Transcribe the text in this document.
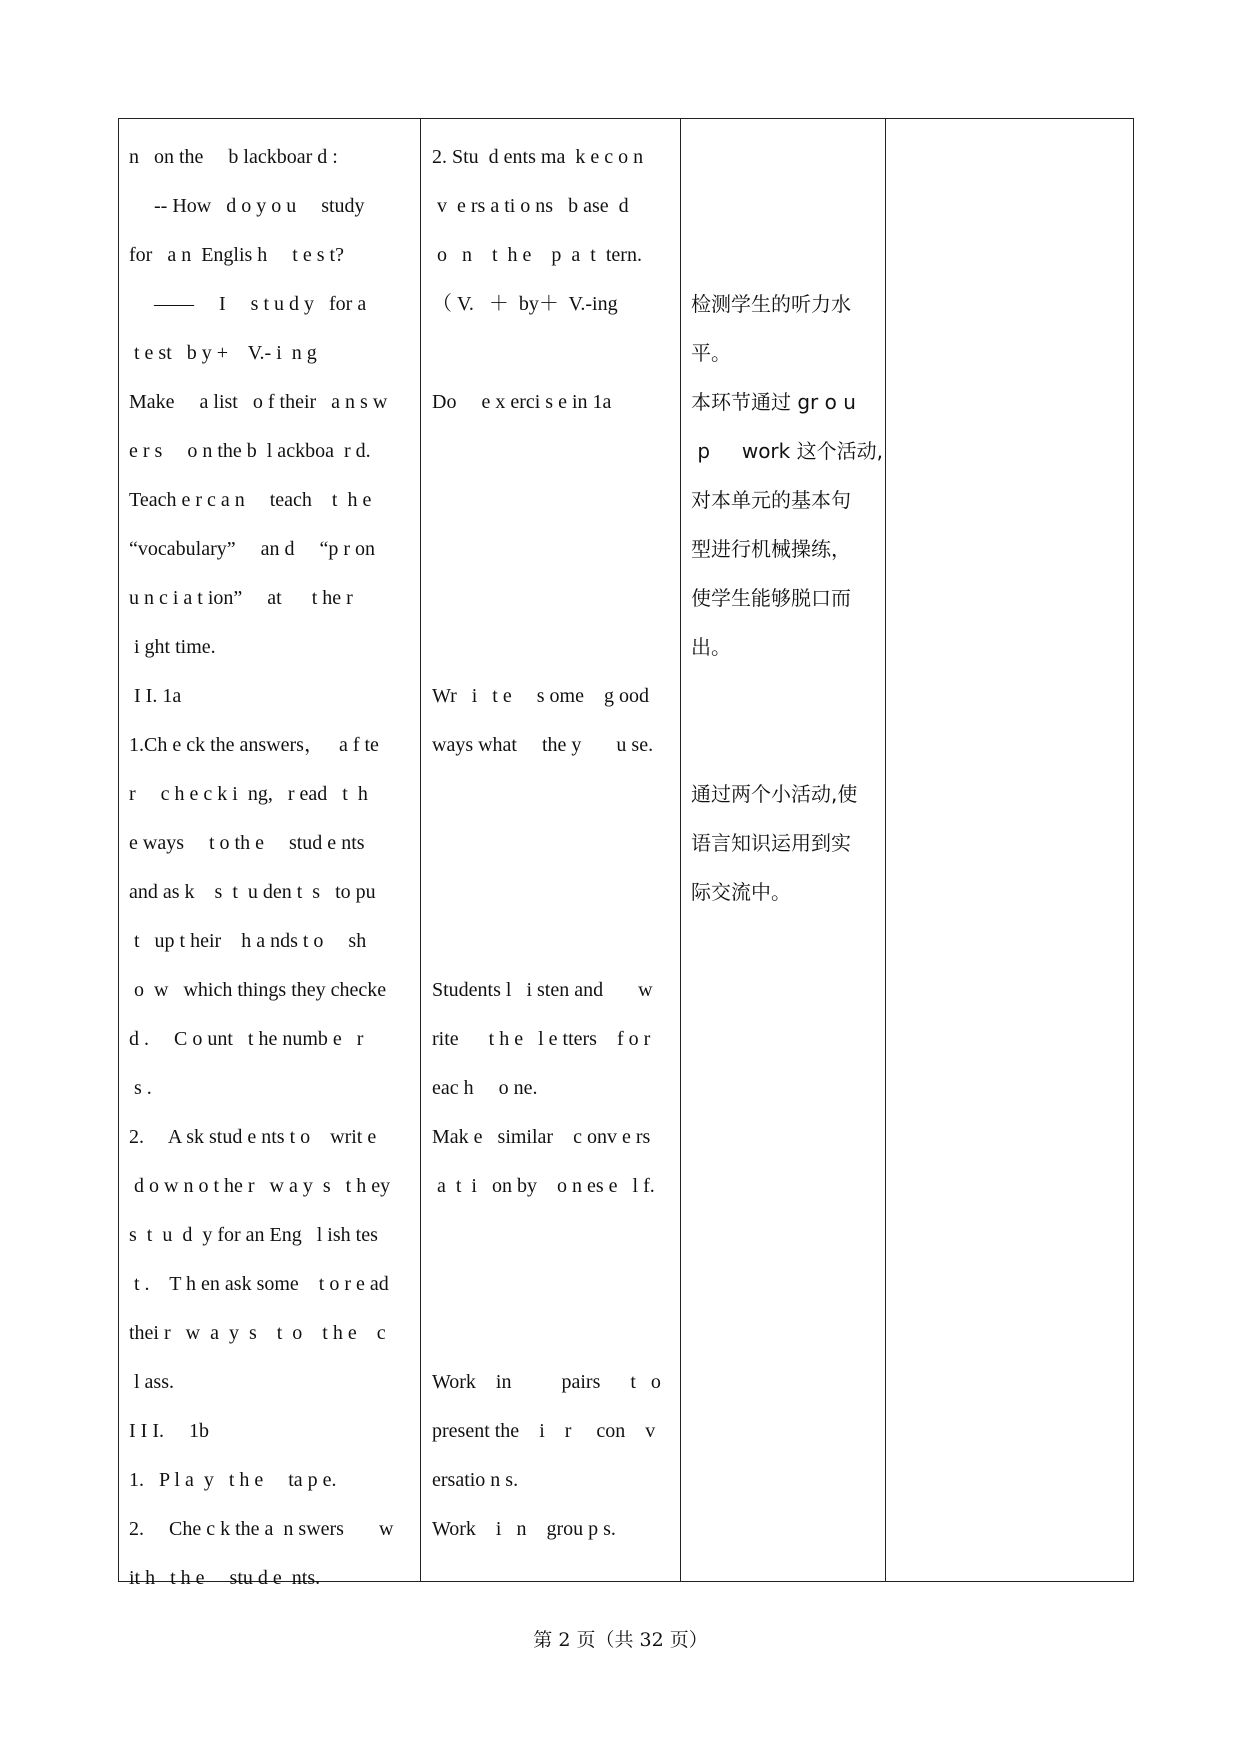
n   on the     b lackboar d :
-- How   d o y o u     study
for   a n  Englis h     t e s t?
——     I     s t u d y   for a
t e st   b y +    V.- i  n g
Make     a list   o f their   a n s w
e r s     o n the b  l ackboa  r d.
Teach e r c a n     teach    t  h e
“vocabulary”     an d     “p r on
u n c i a t ion”     at      t he r
i ght time.
I I. 1a
1.Ch e ck the answers，   a f te
r     c h e c k i  ng,   r ead   t  h
e ways     t o th e     stud e nts
and as k    s  t  u den t  s   to pu
t   up t heir    h a nds t o     sh
o  w   which things they checke
d .     C o unt   t he numb e   r
s .
2.     A sk stud e nts t o    writ e
d o w n o t he r   w a y  s   t h ey
s  t  u  d  y for an Eng   l ish tes
t .    T h en ask some    t o r e ad
thei r   w  a  y  s    t  o    t h e    c
l ass.
I I I.     1b
1.   P l a  y   t h e     ta p e.
2.     Che c k the a  n swers       w
it h   t h e     stu d e  nts.
2. Stu  d ents ma  k e c o n
v  e rs a ti o ns   b ase  d
o   n    t  h e    p  a  t  tern.
（ V.   ＋  by＋  V.-ing
Do     e x erci s e in 1a
Wr   i   t e     s ome    g ood
ways what     the y       u se.
Students l   i sten and       w
rite      t h e   l e tters    f o r
eac h     o ne.
Mak e   similar    c onv e rs
a  t  i   on by    o n es e   l f.
Work    in          pairs      t   o
present the    i    r     con    v
ersatio n s.
Work    i   n    grou p s.
检测学生的听力水
平。
本环节通过 gr o u
p     work 这个活动,
对本单元的基本句
型进行机械操练，
使学生能够脱口而
出。
通过两个小活动,使
语言知识运用到实
际交流中。
第 2 页（共 32 页）
